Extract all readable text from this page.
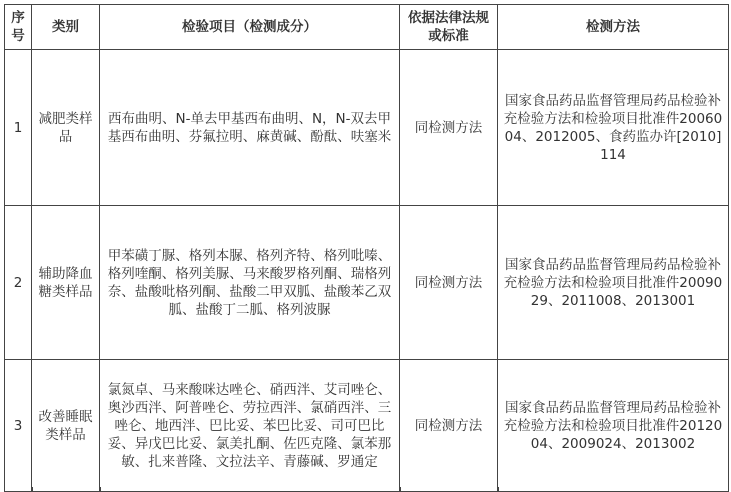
序号	类别	检验项目（检测成分）	依据法律法规或标准	检测方法
1	减肥类样品	西布曲明、N-单去甲基西布曲明、N，N-双去甲基西布曲明、芬氟拉明、麻黄碱、酚酞、呋塞米	同检测方法	国家食品药品监督管理局药品检验补充检验方法和检验项目批准件2006004、2012005、食药监办许[2010]114
2	辅助降血糖类样品	甲苯磺丁脲、格列本脲、格列齐特、格列吡嗪、格列喹酮、格列美脲、马来酸罗格列酮、瑞格列奈、盐酸吡格列酮、盐酸二甲双胍、盐酸苯乙双胍、盐酸丁二胍、格列波脲	同检测方法	国家食品药品监督管理局药品检验补充检验方法和检验项目批准件2009029、2011008、2013001
3	改善睡眠类样品	氯氮卓、马来酸咪达唑仑、硝西泮、艾司唑仑、奥沙西泮、阿普唑仑、劳拉西泮、氯硝西泮、三唑仑、地西泮、巴比妥、苯巴比妥、司可巴比妥、异戊巴比妥、氯美扎酮、佐匹克隆、氯苯那敏、扎来普隆、文拉法辛、青藤碱、罗通定	同检测方法	国家食品药品监督管理局药品检验补充检验方法和检验项目批准件2012004、2009024、2013002
